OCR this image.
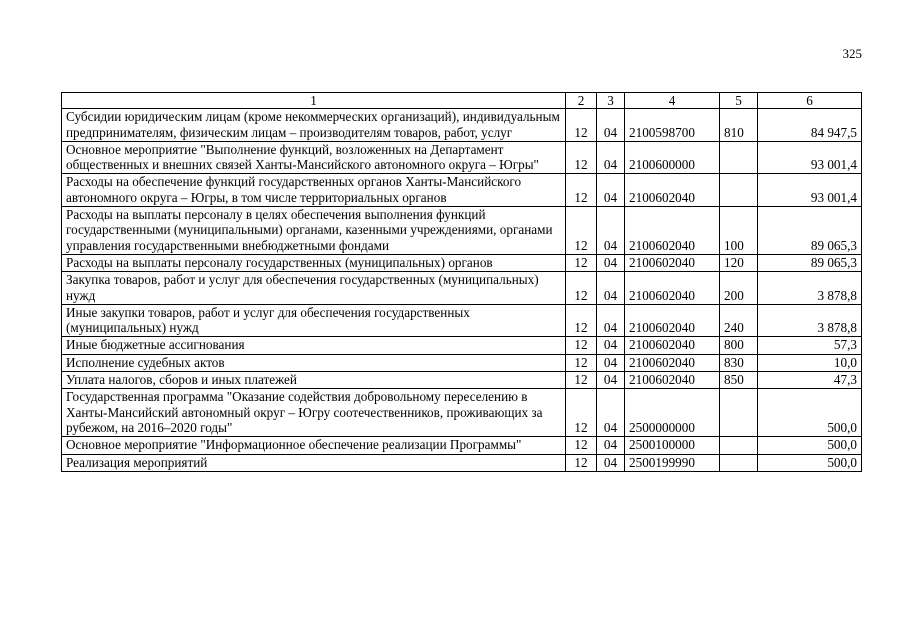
325
1	2	3	4	5	6
Субсидии юридическим лицам (кроме некоммерческих организаций), индивидуальным предпринимателям, физическим лицам – производителям товаров, работ, услуг	12	04	2100598700	810	84 947,5
Основное мероприятие "Выполнение функций, возложенных на Департамент общественных и внешних связей Ханты-Мансийского автономного округа – Югры"	12	04	2100600000		93 001,4
Расходы на обеспечение функций государственных органов Ханты-Мансийского автономного округа – Югры, в том числе территориальных органов	12	04	2100602040		93 001,4
Расходы на выплаты персоналу в целях обеспечения выполнения функций государственными (муниципальными) органами, казенными учреждениями, органами управления государственными внебюджетными фондами	12	04	2100602040	100	89 065,3
Расходы на выплаты персоналу государственных (муниципальных) органов	12	04	2100602040	120	89 065,3
Закупка товаров, работ и услуг для обеспечения государственных (муниципальных) нужд	12	04	2100602040	200	3 878,8
Иные закупки товаров, работ и услуг для обеспечения государственных (муниципальных) нужд	12	04	2100602040	240	3 878,8
Иные бюджетные ассигнования	12	04	2100602040	800	57,3
Исполнение судебных актов	12	04	2100602040	830	10,0
Уплата налогов, сборов и иных платежей	12	04	2100602040	850	47,3
Государственная программа "Оказание содействия добровольному переселению в Ханты-Мансийский автономный округ – Югру соотечественников, проживающих за рубежом, на 2016–2020 годы"	12	04	2500000000		500,0
Основное мероприятие "Информационное обеспечение реализации Программы"	12	04	2500100000		500,0
Реализация мероприятий	12	04	2500199990		500,0
